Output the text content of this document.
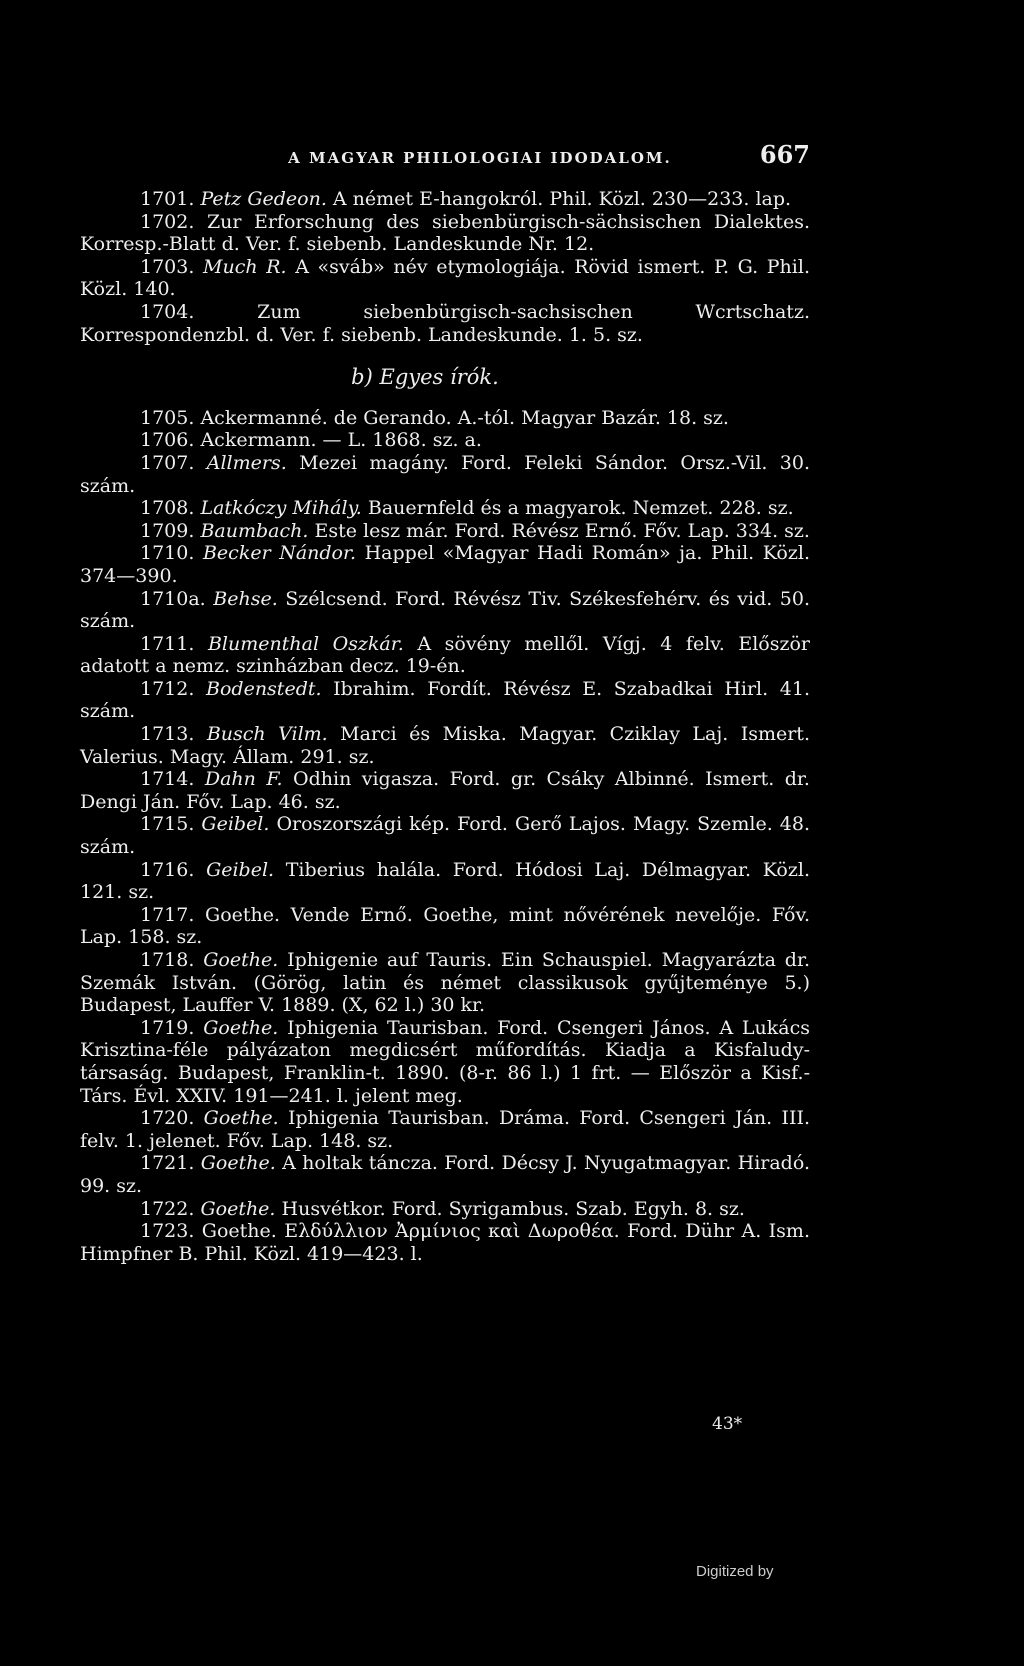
A MAGYAR PHILOLOGIAI IDODALOM.	667

1701. Petz Gedeon. A német E-hangokról. Phil. Közl. 230—233. lap.

1702. Zur Erforschung des siebenbürgisch-sächsischen Dialektes. Korresp.-Blatt d. Ver. f. siebenb. Landeskunde Nr. 12.

1703. Much R. A «sváb» név etymologiája. Rövid ismert. P. G. Phil. Közl. 140.

1704.	Zum siebenbürgisch-sachsischen Wcrtschatz. Korrespondenzbl. d. Ver. f. siebenb. Landeskunde. 1. 5. sz.

b) Egyes írók.

1705. Ackermanné. de Gerando. A.-tól. Magyar Bazár. 18. sz.

1706. Ackermann. — L. 1868. sz. a.

1707. Allmers. Mezei magány. Ford. Feleki Sándor. Orsz.-Vil. 30. szám.

1708. Latkóczy Mihály. Bauernfeld és a magyarok. Nemzet. 228. sz.

1709. Baumbach. Este lesz már. Ford. Révész Ernő. Főv. Lap. 334. sz.

1710. Becker Nándor. Happel «Magyar Hadi Román» ja. Phil. Közl. 374—390.

1710a. Behse. Szélcsend. Ford. Révész Tiv. Székesfehérv. és vid. 50. szám.

1711. Blumenthal Oszkár. A sövény mellől. Vígj. 4 felv. Először adatott a nemz. szinházban decz. 19-én.

1712. Bodenstedt. Ibrahim. Fordít. Révész E. Szabadkai Hirl. 41. szám.

1713. Busch Vilm. Marci és Miska. Magyar. Cziklay Laj. Ismert. Valerius. Magy. Állam. 291. sz.

1714. Dahn F. Odhin vigasza. Ford. gr. Csáky Albinné. Ismert. dr. Dengi Ján. Főv. Lap. 46. sz.

1715. Geibel. Oroszországi kép. Ford. Gerő Lajos. Magy. Szemle. 48. szám.

1716. Geibel. Tiberius halála. Ford. Hódosi Laj. Délmagyar. Közl. 121. sz.

1717. Goethe. Vende Ernő. Goethe, mint nővérének nevelője. Főv. Lap. 158. sz.

1718. Goethe. Iphigenie auf Tauris. Ein Schauspiel. Magyarázta dr. Szemák István. (Görög, latin és német classikusok gyűjteménye 5.) Budapest, Lauffer V. 1889. (X, 62 l.) 30 kr.

1719. Goethe. Iphigenia Taurisban. Ford. Csengeri János. A Lukács Krisztina-féle pályázaton megdicsért műfordítás. Kiadja a Kisfaludy-társaság. Budapest, Franklin-t. 1890. (8-r. 86 l.) 1 frt. — Először a Kisf.-Társ. Évl. XXIV. 191—241. l. jelent meg.

1720. Goethe. Iphigenia Taurisban. Dráma. Ford. Csengeri Ján. III. felv. 1. jelenet. Főv. Lap. 148. sz.

1721. Goethe. A holtak táncza. Ford. Décsy J. Nyugatmagyar. Hiradó. 99. sz.

1722. Goethe. Husvétkor. Ford. Syrigambus. Szab. Egyh. 8. sz.

1723. Goethe. Ελδύλλιον Ἀρμίνιος καὶ Δωροθέα. Ford. Dühr A. Ism. Himpfner B. Phil. Közl. 419—423. l.

43*
Digitized by
